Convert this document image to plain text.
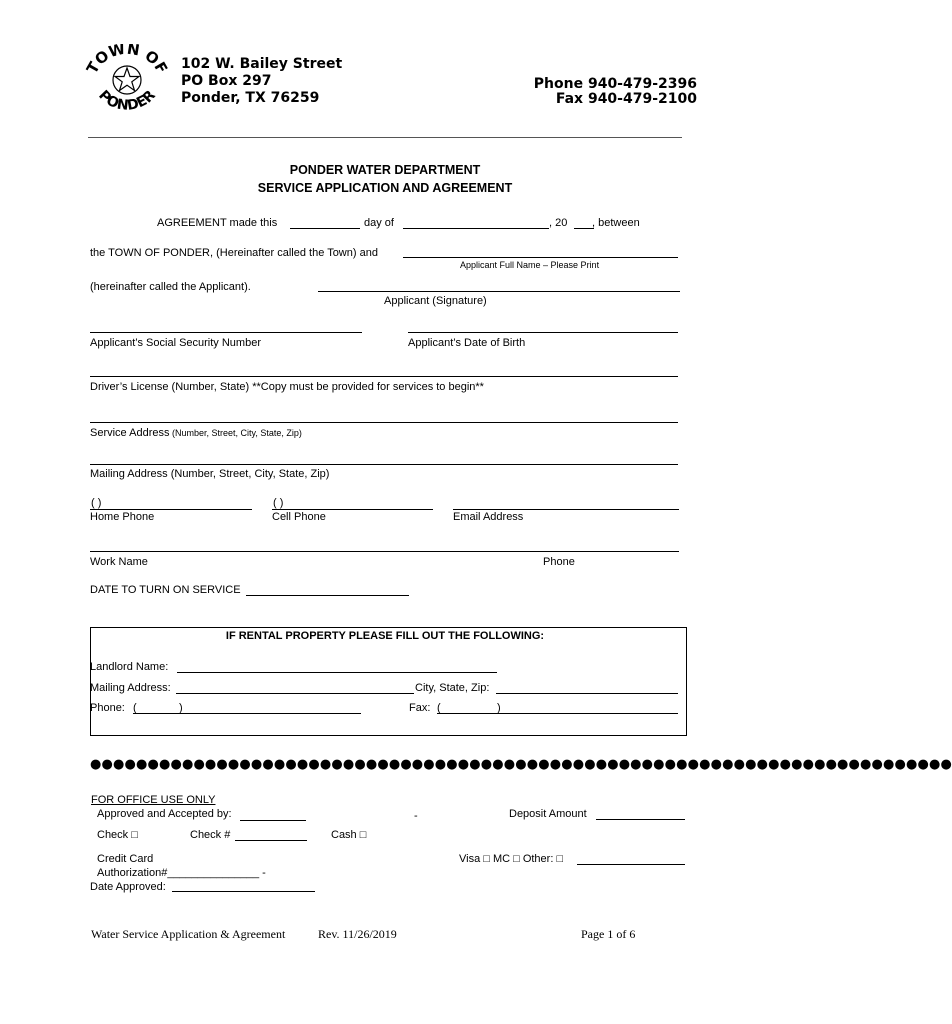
TOWN OF
PONDER
102 W. Bailey Street
PO Box 297
Ponder, TX 76259
Phone 940-479-2396
Fax 940-479-2100
PONDER WATER DEPARTMENT
SERVICE APPLICATION AND AGREEMENT
AGREEMENT made this	day of	, 20 , between
the TOWN OF PONDER, (Hereinafter called the Town) and
Applicant Full Name – Please Print
(hereinafter called the Applicant).
Applicant (Signature)
Applicant’s Social Security Number	Applicant’s Date of Birth
Driver’s License (Number, State) **Copy must be provided for services to begin**
Service Address (Number, Street, City, State, Zip)
Mailing Address (Number, Street, City, State, Zip)
( )	( )
Home Phone	Cell Phone	Email Address
Work Name	Phone
DATE TO TURN ON SERVICE
IF RENTAL PROPERTY PLEASE FILL OUT THE FOLLOWING:
Landlord Name:
Mailing Address:	City, State, Zip:
Phone: (	)	Fax: (	)
●●●●●●●●●●●●●●●●●●●●●●●●●●●●●●●●●●●●●●●●●●●●●●●●●●●●●●●●●●●●●●●●●●●●●●●●●●●
FOR OFFICE USE ONLY
Approved and Accepted by:	-	Deposit Amount
Check □	Check #	Cash □
Credit Card	Visa □ MC □ Other: □
Authorization#_______________ -
Date Approved:
Water Service Application & Agreement	Rev. 11/26/2019	Page 1 of 6
